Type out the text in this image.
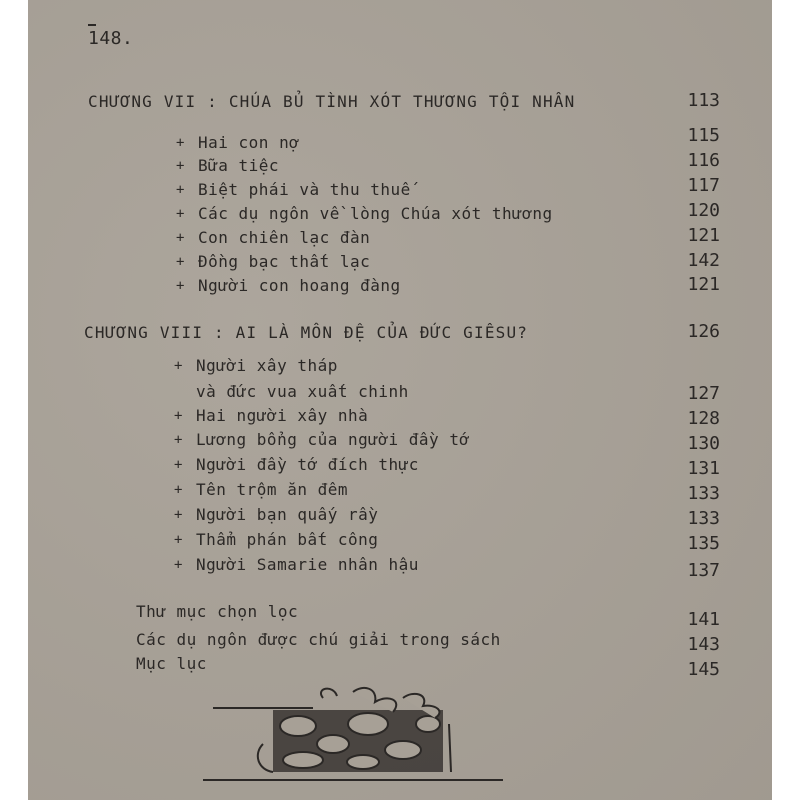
148.
CHƯƠNG VII : CHÚA BỦ TÌNH XÓT THƯƠNG TỘI NHÂN	113
+ Hai con nợ	115
+ Bữa tiệc	116
+ Biệt phái và thu thuế	117
+ Các dụ ngôn về lòng Chúa xót thương	120
+ Con chiên lạc đàn	121
+ Đồng bạc thất lạc	142
+ Người con hoang đàng	121
CHƯƠNG VIII : AI LÀ MÔN ĐỆ CỦA ĐỨC GIÊSU?	126
+ Người xây tháp
và đức vua xuất chinh	127
+ Hai người xây nhà	128
+ Lương bổng của người đầy tớ	130
+ Người đầy tớ đích thực	131
+ Tên trộm ăn đêm	133
+ Người bạn quấy rầy	133
+ Thẩm phán bất công	135
+ Người Samarie nhân hậu	137
Thư mục chọn lọc	141
Các dụ ngôn được chú giải trong sách	143
Mục lục	145
